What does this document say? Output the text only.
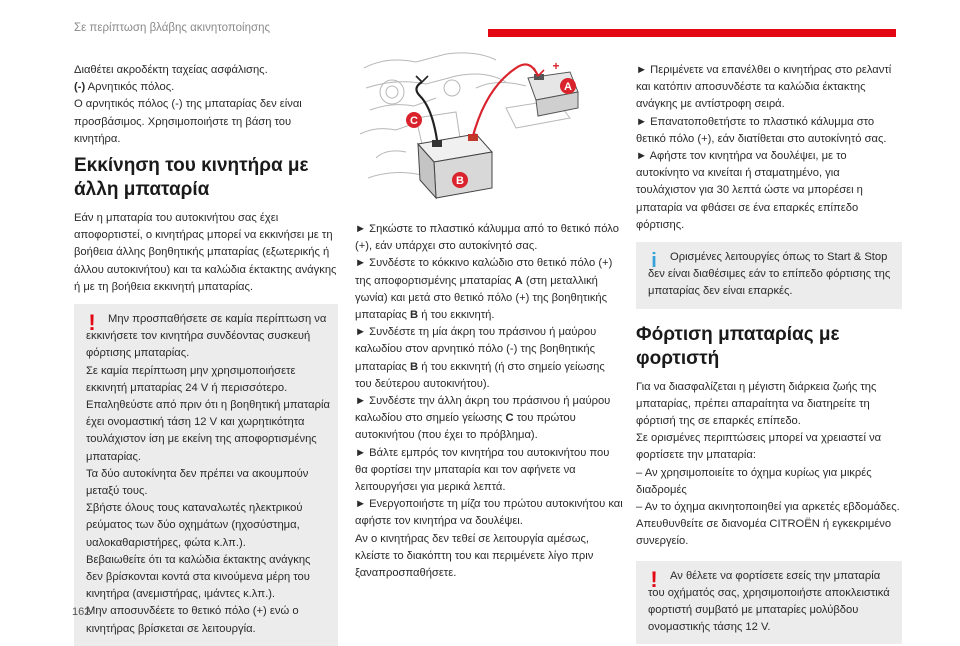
Σε περίπτωση βλάβης ακινητοποίησης

Διαθέτει ακροδέκτη ταχείας ασφάλισης.

(-) Αρνητικός πόλος.

Ο αρνητικός πόλος (-) της μπαταρίας δεν είναι προσβάσιμος. Χρησιμοποιήστε τη βάση του κινητήρα.

Εκκίνηση του κινητήρα με άλλη μπαταρία

Εάν η μπαταρία του αυτοκινήτου σας έχει αποφορτιστεί, ο κινητήρας μπορεί να εκκινήσει με τη βοήθεια άλλης βοηθητικής μπαταρίας (εξωτερικής ή άλλου αυτοκινήτου) και τα καλώδια έκτακτης ανάγκης ή με τη βοήθεια εκκινητή μπαταρίας.

!	Μην προσπαθήσετε σε καμία περίπτωση να εκκινήσετε τον κινητήρα συνδέοντας συσκευή φόρτισης μπαταρίας.

Σε καμία περίπτωση μην χρησιμοποιήσετε εκκινητή μπαταρίας 24 V ή περισσότερο.

Επαληθεύστε από πριν ότι η βοηθητική μπαταρία έχει ονομαστική τάση 12 V και χωρητικότητα τουλάχιστον ίση με εκείνη της αποφορτισμένης μπαταρίας.

Τα δύο αυτοκίνητα δεν πρέπει να ακουμπούν μεταξύ τους.

Σβήστε όλους τους καταναλωτές ηλεκτρικού ρεύματος των δύο οχημάτων (ηχοσύστημα, υαλοκαθαριστήρες, φώτα κ.λπ.).

Βεβαιωθείτε ότι τα καλώδια έκτακτης ανάγκης δεν βρίσκονται κοντά στα κινούμενα μέρη του κινητήρα (ανεμιστήρας, ιμάντες κ.λπ.).

Μην αποσυνδέετε το θετικό πόλο (+) ενώ ο κινητήρας βρίσκεται σε λειτουργία.

A
B
C
+

► Σηκώστε το πλαστικό κάλυμμα από το θετικό πόλο (+), εάν υπάρχει στο αυτοκίνητό σας.

► Συνδέστε το κόκκινο καλώδιο στο θετικό πόλο (+) της αποφορτισμένης μπαταρίας A (στη μεταλλική γωνία) και μετά στο θετικό πόλο (+) της βοηθητικής μπαταρίας B ή του εκκινητή.

► Συνδέστε τη μία άκρη του πράσινου ή μαύρου καλωδίου στον αρνητικό πόλο (-) της βοηθητικής μπαταρίας B ή του εκκινητή (ή στο σημείο γείωσης του δεύτερου αυτοκινήτου).

► Συνδέστε την άλλη άκρη του πράσινου ή μαύρου καλωδίου στο σημείο γείωσης C του πρώτου αυτοκινήτου (που έχει το πρόβλημα).

► Βάλτε εμπρός τον κινητήρα του αυτοκινήτου που θα φορτίσει την μπαταρία και τον αφήνετε να λειτουργήσει για μερικά λεπτά.

► Ενεργοποιήστε τη μίζα του πρώτου αυτοκινήτου και αφήστε τον κινητήρα να δουλέψει.

Αν ο κινητήρας δεν τεθεί σε λειτουργία αμέσως, κλείστε το διακόπτη του και περιμένετε λίγο πριν ξαναπροσπαθήσετε.

► Περιμένετε να επανέλθει ο κινητήρας στο ρελαντί και κατόπιν αποσυνδέστε τα καλώδια έκτακτης ανάγκης με αντίστροφη σειρά.

► Επανατοποθετήστε το πλαστικό κάλυμμα στο θετικό πόλο (+), εάν διατίθεται στο αυτοκίνητό σας.

► Αφήστε τον κινητήρα να δουλέψει, με το αυτοκίνητο να κινείται ή σταματημένο, για τουλάχιστον για 30 λεπτά ώστε να μπορέσει η μπαταρία να φθάσει σε ένα επαρκές επίπεδο φόρτισης.

i	Ορισμένες λειτουργίες όπως το Start & Stop δεν είναι διαθέσιμες εάν το επίπεδο φόρτισης της μπαταρίας δεν είναι επαρκές.

Φόρτιση μπαταρίας με φορτιστή

Για να διασφαλίζεται η μέγιστη διάρκεια ζωής της μπαταρίας, πρέπει απαραίτητα να διατηρείτε τη φόρτισή της σε επαρκές επίπεδο.

Σε ορισμένες περιπτώσεις μπορεί να χρειαστεί να φορτίσετε την μπαταρία:

– Αν χρησιμοποιείτε το όχημα κυρίως για μικρές διαδρομές

– Αν το όχημα ακινητοποιηθεί για αρκετές εβδομάδες.

Απευθυνθείτε σε διανομέα CITROËN ή εγκεκριμένο συνεργείο.

!	Αν θέλετε να φορτίσετε εσείς την μπαταρία του οχήματός σας, χρησιμοποιήστε αποκλειστικά φορτιστή συμβατό με μπαταρίες μολύβδου ονομαστικής τάσης 12 V.

162
